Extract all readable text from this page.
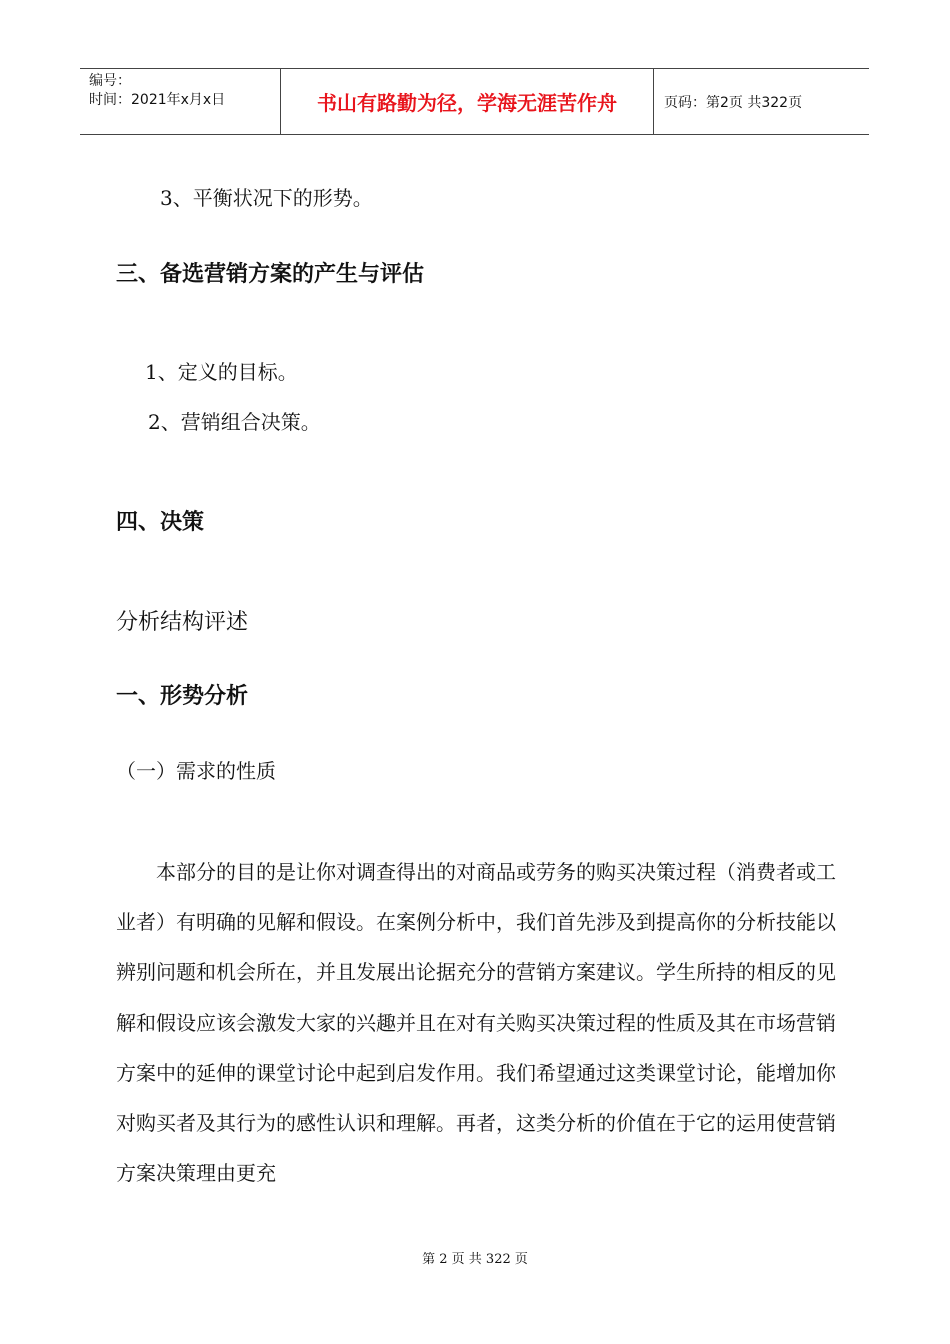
编号：
时间：2021年x月x日	书山有路勤为径，学海无涯苦作舟	页码：第2页 共322页
3、平衡状况下的形势。
三、备选营销方案的产生与评估
1、定义的目标。
2、营销组合决策。
四、决策
分析结构评述
一、形势分析
（一）需求的性质
本部分的目的是让你对调查得出的对商品或劳务的购买决策过程（消费者或工业者）有明确的见解和假设。在案例分析中，我们首先涉及到提高你的分析技能以辨别问题和机会所在，并且发展出论据充分的营销方案建议。学生所持的相反的见解和假设应该会激发大家的兴趣并且在对有关购买决策过程的性质及其在市场营销方案中的延伸的课堂讨论中起到启发作用。我们希望通过这类课堂讨论，能增加你对购买者及其行为的感性认识和理解。再者，这类分析的价值在于它的运用使营销方案决策理由更充
第 2 页 共 322 页
